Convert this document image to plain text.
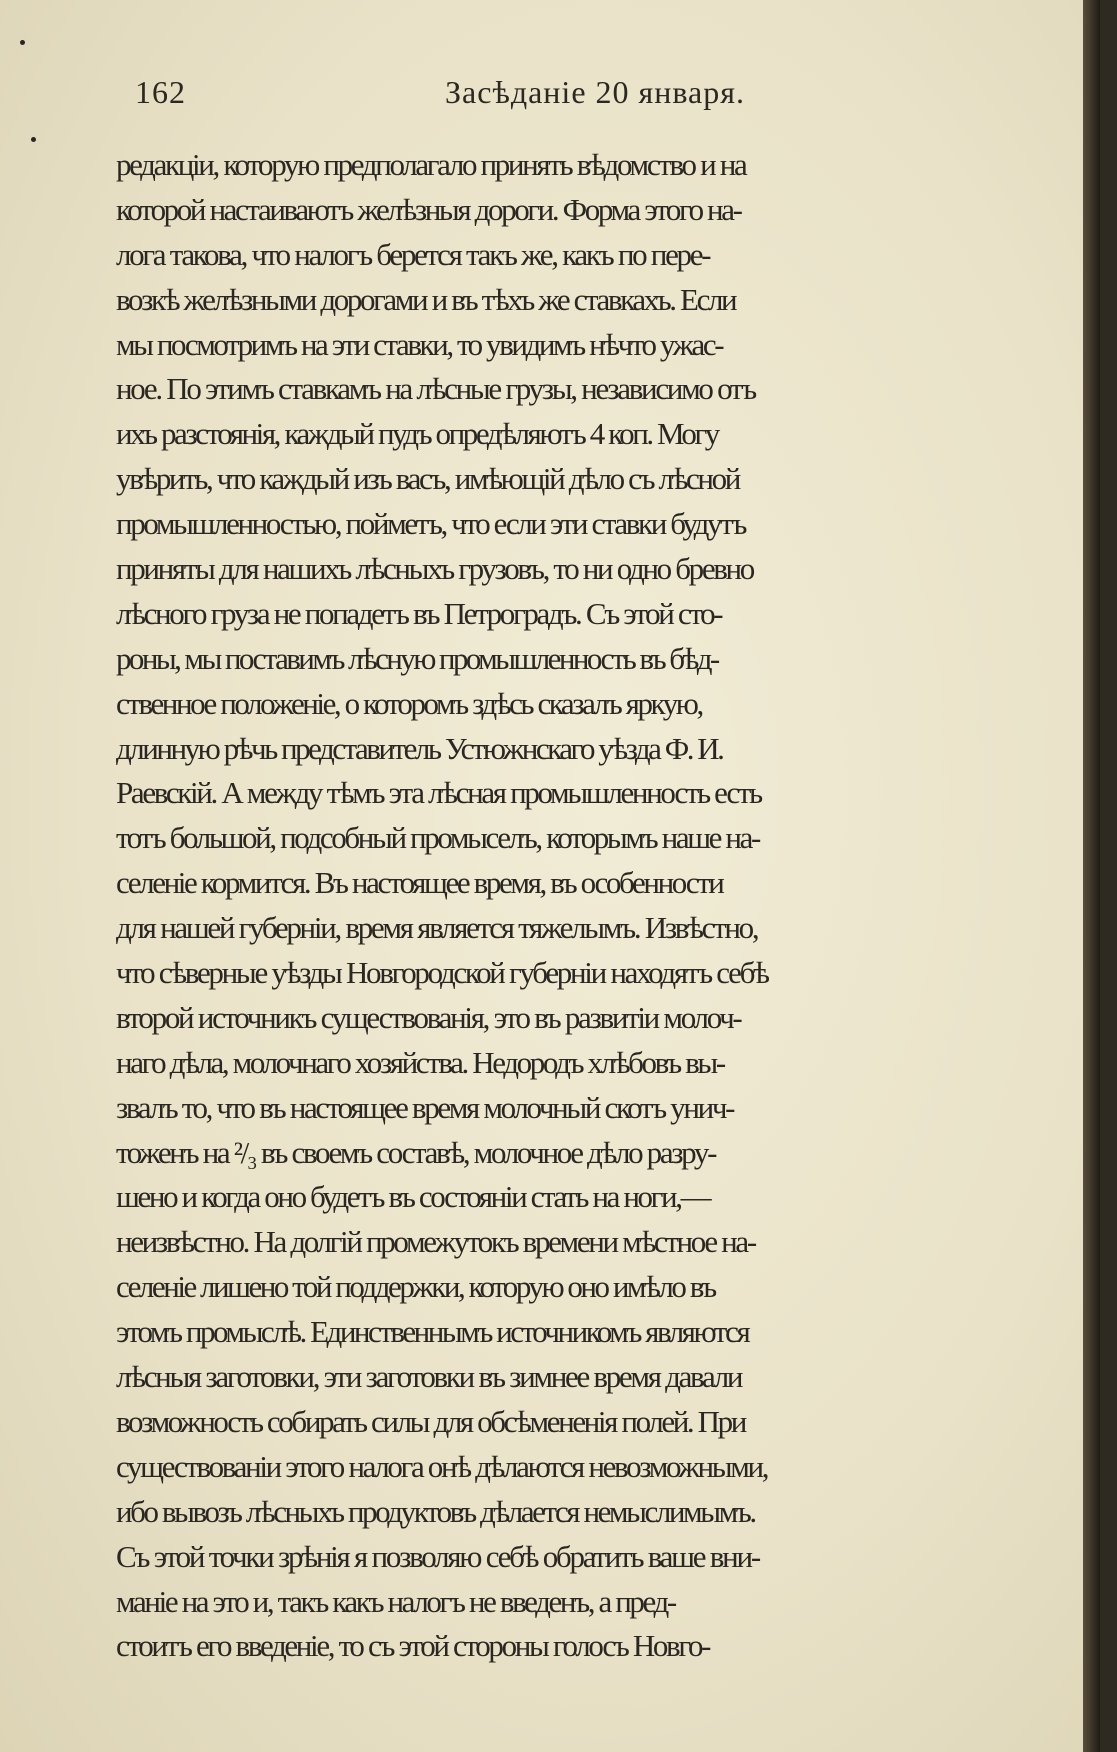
162	Засѣданіе 20 января.
редакціи, которую предполагало принять вѣдомство и на
которой настаиваютъ желѣзныя дороги. Форма этого на-
лога такова, что налогъ берется такъ же, какъ по пере-
возкѣ желѣзными дорогами и въ тѣхъ же ставкахъ. Если
мы посмотримъ на эти ставки, то увидимъ нѣчто ужас-
ное. По этимъ ставкамъ на лѣсные грузы, независимо отъ
ихъ разстоянія, каждый пудъ опредѣляютъ 4 коп. Могу
увѣрить, что каждый изъ васъ, имѣющій дѣло съ лѣсной
промышленностью, пойметъ, что если эти ставки будутъ
приняты для нашихъ лѣсныхъ грузовъ, то ни одно бревно
лѣсного груза не попадетъ въ Петроградъ. Съ этой сто-
роны, мы поставимъ лѣсную промышленность въ бѣд-
ственное положеніе, о которомъ здѣсь сказалъ яркую,
длинную рѣчь представитель Устюжнскаго уѣзда Ф. И.
Раевскій. А между тѣмъ эта лѣсная промышленность есть
тотъ большой, подсобный промыселъ, которымъ наше на-
селеніе кормится. Въ настоящее время, въ особенности
для нашей губерніи, время является тяжелымъ. Извѣстно,
что сѣверные уѣзды Новгородской губерніи находятъ себѣ
второй источникъ существованія, это въ развитіи молоч-
наго дѣла, молочнаго хозяйства. Недородъ хлѣбовъ вы-
звалъ то, что въ настоящее время молочный скотъ унич-
тоженъ на ²/₃ въ своемъ составѣ, молочное дѣло разру-
шено и когда оно будетъ въ состояніи стать на ноги,—
неизвѣстно. На долгій промежутокъ времени мѣстное на-
селеніе лишено той поддержки, которую оно имѣло въ
этомъ промыслѣ. Единственнымъ источникомъ являются
лѣсныя заготовки, эти заготовки въ зимнее время давали
возможность собирать силы для обсѣмененія полей. При
существованіи этого налога онѣ дѣлаются невозможными,
ибо вывозъ лѣсныхъ продуктовъ дѣлается немыслимымъ.
Съ этой точки зрѣнія я позволяю себѣ обратить ваше вни-
маніе на это и, такъ какъ налогъ не введенъ, а пред-
стоитъ его введеніе, то съ этой стороны голосъ Новго-
